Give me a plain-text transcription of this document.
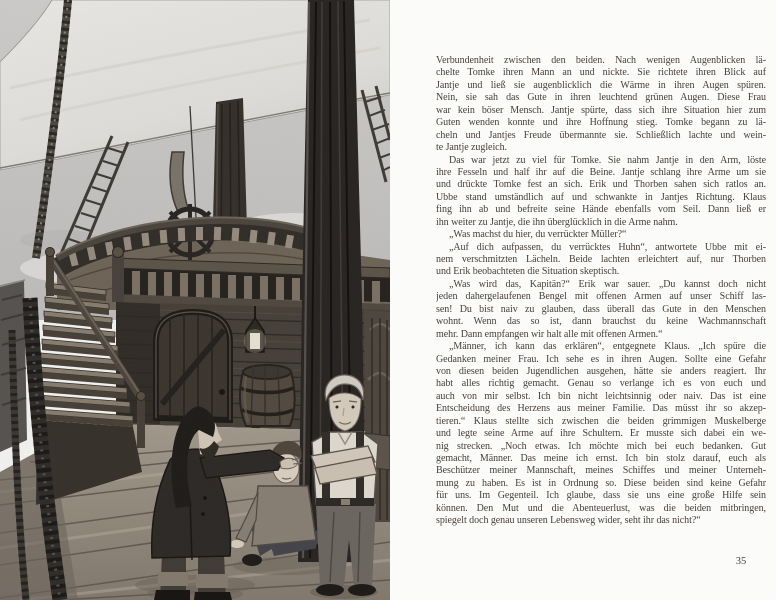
Verbundenheit zwischen den beiden. Nach wenigen Augenblicken lä-
chelte Tomke ihren Mann an und nickte. Sie richtete ihren Blick auf
Jantje und ließ sie augenblicklich die Wärme in ihren Augen spüren.
Nein, sie sah das Gute in ihren leuchtend grünen Augen. Diese Frau
war kein böser Mensch. Jantje spürte, dass sich ihre Situation hier zum
Guten wenden konnte und ihre Hoffnung stieg. Tomke begann zu lä-
cheln und Jantjes Freude übermannte sie. Schließlich lachte und wein-
te Jantje zugleich.
Das war jetzt zu viel für Tomke. Sie nahm Jantje in den Arm, löste
ihre Fesseln und half ihr auf die Beine. Jantje schlang ihre Arme um sie
und drückte Tomke fest an sich. Erik und Thorben sahen sich ratlos an.
Ubbe stand umständlich auf und schwankte in Jantjes Richtung. Klaus
fing ihn ab und befreite seine Hände ebenfalls vom Seil. Dann ließ er
ihn weiter zu Jantje, die ihn überglücklich in die Arme nahm.
„Was machst du hier, du verrückter Müller?“
„Auf dich aufpassen, du verrücktes Huhn“, antwortete Ubbe mit ei-
nem verschmitzten Lächeln. Beide lachten erleichtert auf, nur Thorben
und Erik beobachteten die Situation skeptisch.
„Was wird das, Kapitän?“ Erik war sauer. „Du kannst doch nicht
jeden dahergelaufenen Bengel mit offenen Armen auf unser Schiff las-
sen! Du bist naiv zu glauben, dass überall das Gute in den Menschen
wohnt. Wenn das so ist, dann brauchst du keine Wachmannschaft
mehr. Dann empfangen wir halt alle mit offenen Armen.“
„Männer, ich kann das erklären“, entgegnete Klaus. „Ich spüre die
Gedanken meiner Frau. Ich sehe es in ihren Augen. Sollte eine Gefahr
von diesen beiden Jugendlichen ausgehen, hätte sie anders reagiert. Ihr
habt alles richtig gemacht. Genau so verlange ich es von euch und
auch von mir selbst. Ich bin nicht leichtsinnig oder naiv. Das ist eine
Entscheidung des Herzens aus meiner Familie. Das müsst ihr so akzep-
tieren.“ Klaus stellte sich zwischen die beiden grimmigen Muskelberge
und legte seine Arme auf ihre Schultern. Er musste sich dabei ein we-
nig strecken. „Noch etwas. Ich möchte mich bei euch bedanken. Gut
gemacht, Männer. Das meine ich ernst. Ich bin stolz darauf, euch als
Beschützer meiner Mannschaft, meines Schiffes und meiner Unterneh-
mung zu haben. Es ist in Ordnung so. Diese beiden sind keine Gefahr
für uns. Im Gegenteil. Ich glaube, dass sie uns eine große Hilfe sein
können. Den Mut und die Abenteuerlust, was die beiden mitbringen,
spiegelt doch genau unseren Lebensweg wider, seht ihr das nicht?“
35
